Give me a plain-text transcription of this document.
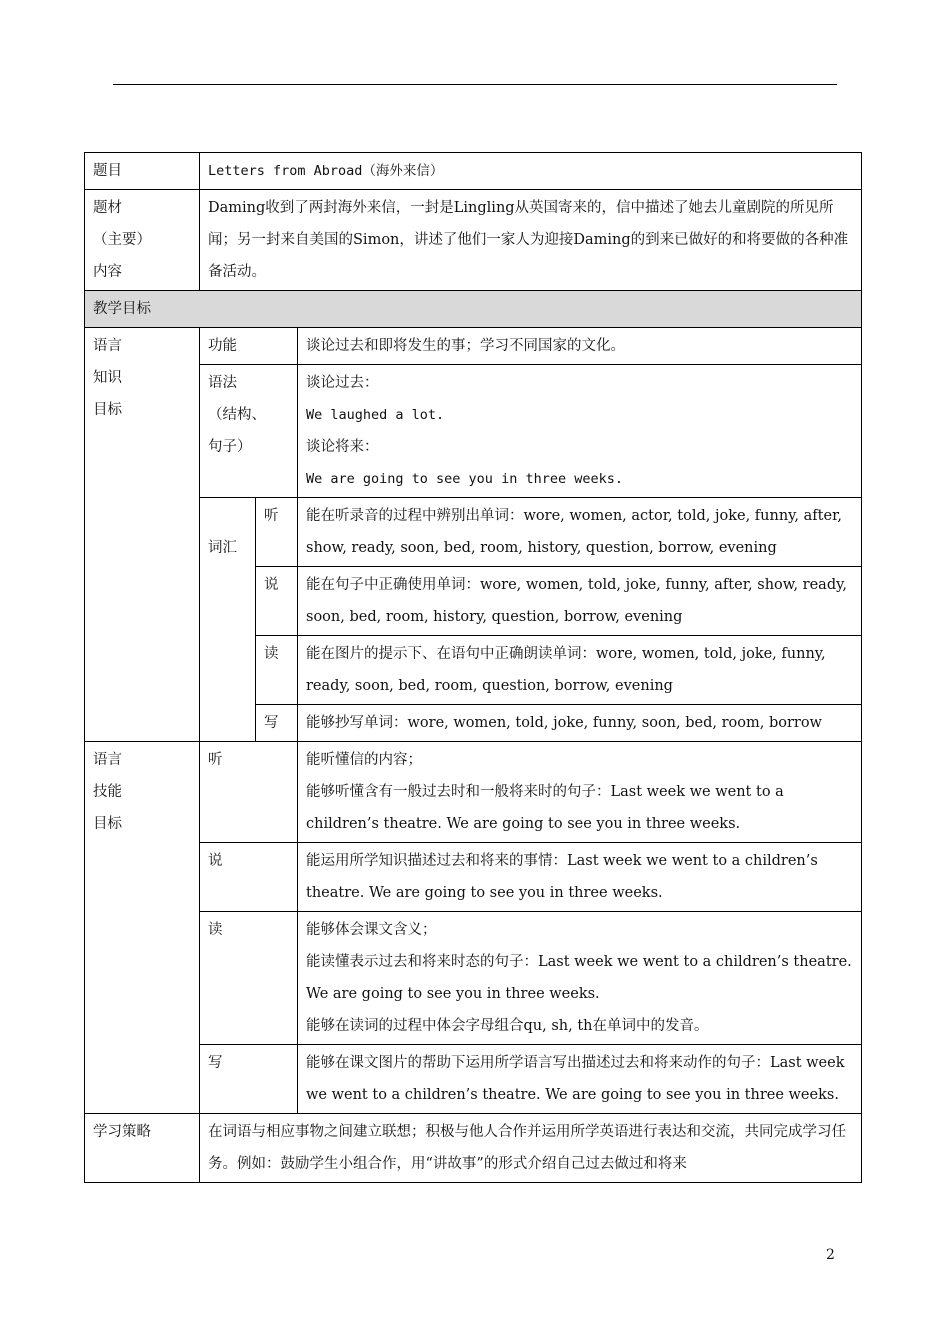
题目	Letters from Abroad（海外来信）		

题材
（主要）
内容	Daming收到了两封海外来信，一封是Lingling从英国寄来的，信中描述了她去儿童剧院的所见所闻；另一封来自美国的Simon，讲述了他们一家人为迎接Daming的到来已做好的和将要做的各种准备活动。		
教学目标			

语言
知识
目标	功能		谈论过去和即将发生的事；学习不同国家的文化。

	语法
（结构、
句子）		谈论过去：
We laughed a lot.
谈论将来：
We are going to see you in three weeks.

	词汇	听	能在听录音的过程中辨别出单词：wore, women, actor, told, joke, funny, after, show, ready, soon, bed, room, history, question, borrow, evening
		说	能在句子中正确使用单词：wore, women, told, joke, funny, after, show, ready, soon, bed, room, history, question, borrow, evening
		读	能在图片的提示下、在语句中正确朗读单词：wore, women, told, joke, funny, ready, soon, bed, room, question, borrow, evening
		写	能够抄写单词：wore, women, told, joke, funny, soon, bed, room, borrow

语言
技能
目标	听		能听懂信的内容；
能够听懂含有一般过去时和一般将来时的句子：Last week we went to a children’s theatre. We are going to see you in three weeks.

	说		能运用所学知识描述过去和将来的事情：Last week we went to a children’s theatre. We are going to see you in three weeks.
	读		能够体会课文含义；
能读懂表示过去和将来时态的句子：Last week we went to a children’s theatre. We are going to see you in three weeks.
能够在读词的过程中体会字母组合qu, sh, th在单词中的发音。

	写		能够在课文图片的帮助下运用所学语言写出描述过去和将来动作的句子：Last week we went to a children’s theatre. We are going to see you in three weeks.
学习策略	在词语与相应事物之间建立联想；积极与他人合作并运用所学英语进行表达和交流，共同完成学习任务。例如：鼓励学生小组合作，用“讲故事”的形式介绍自己过去做过和将来		
2
